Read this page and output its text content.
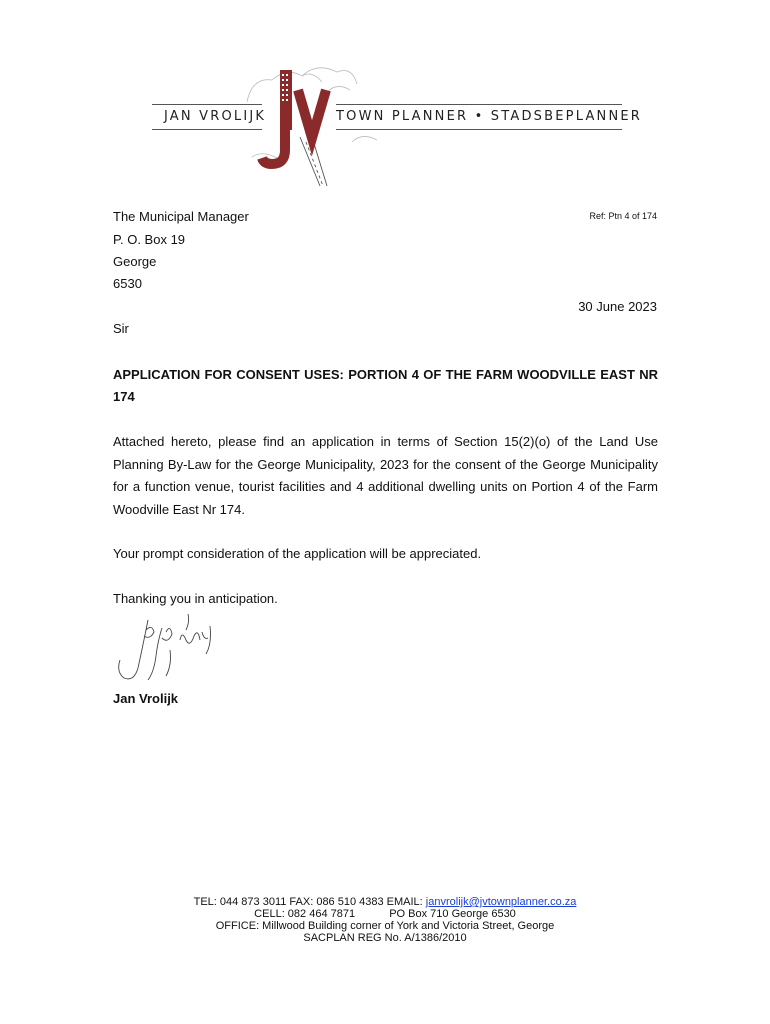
JAN VROLIJK	TOWN PLANNER • STADSBEPLANNER
The Municipal Manager
P. O. Box 19
George
6530
Ref: Ptn 4 of 174
30 June 2023
Sir
APPLICATION FOR CONSENT USES: PORTION 4 OF THE FARM WOODVILLE EAST NR 174
Attached hereto, please find an application in terms of Section 15(2)(o) of the Land Use Planning By-Law for the George Municipality, 2023 for the consent of the George Municipality for a function venue, tourist facilities and 4 additional dwelling units on Portion 4 of the Farm Woodville East Nr 174.
Your prompt consideration of the application will be appreciated.
Thanking you in anticipation.
Jan Vrolijk
TEL: 044 873 3011 FAX: 086 510 4383 EMAIL: janvrolijk@jvtownplanner.co.za
CELL: 082 464 7871	PO Box 710 George 6530
OFFICE: Millwood Building corner of York and Victoria Street, George
SACPLAN REG No. A/1386/2010
